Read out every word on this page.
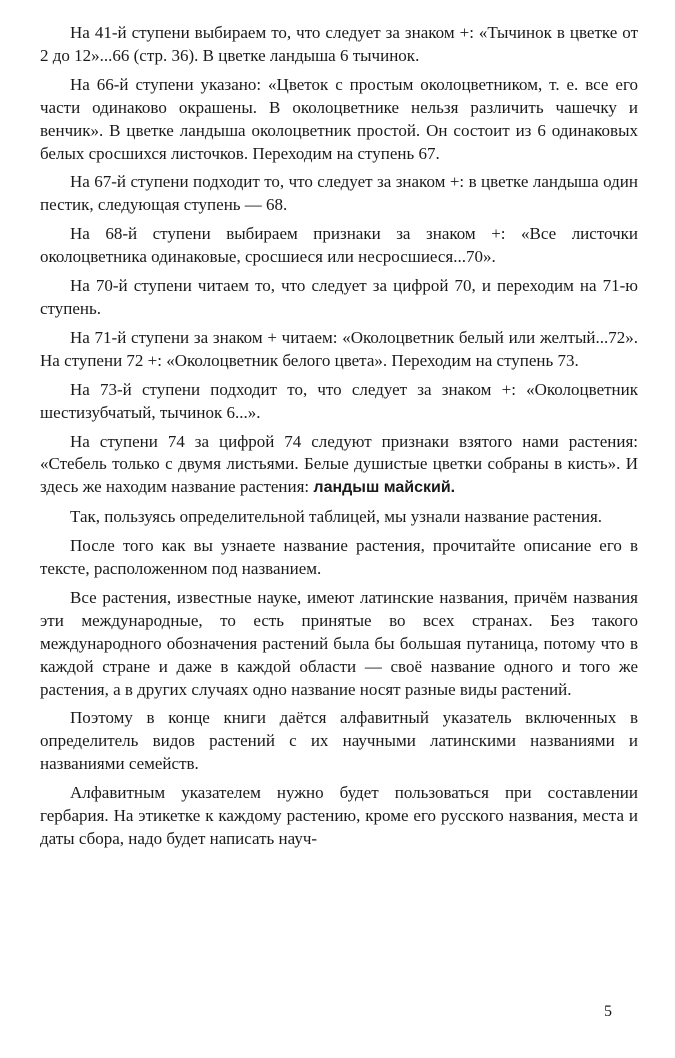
На 41-й ступени выбираем то, что следует за знаком +: «Тычинок в цветке от 2 до 12»...66 (стр. 36). В цветке ландыша 6 тычинок.

На 66-й ступени указано: «Цветок с простым околоцветником, т. е. все его части одинаково окрашены. В околоцветнике нельзя различить чашечку и венчик». В цветке ландыша околоцветник простой. Он состоит из 6 одинаковых белых сросшихся листочков. Переходим на ступень 67.

На 67-й ступени подходит то, что следует за знаком +: в цветке ландыша один пестик, следующая ступень — 68.

На 68-й ступени выбираем признаки за знаком +: «Все листочки околоцветника одинаковые, сросшиеся или несросшиеся...70».

На 70-й ступени читаем то, что следует за цифрой 70, и переходим на 71-ю ступень.

На 71-й ступени за знаком + читаем: «Околоцветник белый или желтый...72». На ступени 72 +: «Околоцветник белого цвета». Переходим на ступень 73.

На 73-й ступени подходит то, что следует за знаком +: «Околоцветник шестизубчатый, тычинок 6...».

На ступени 74 за цифрой 74 следуют признаки взятого нами растения: «Стебель только с двумя листьями. Белые душистые цветки собраны в кисть». И здесь же находим название растения: ландыш майский.

Так, пользуясь определительной таблицей, мы узнали название растения.

После того как вы узнаете название растения, прочитайте описание его в тексте, расположенном под названием.

Все растения, известные науке, имеют латинские названия, причём названия эти международные, то есть принятые во всех странах. Без такого международного обозначения растений была бы большая путаница, потому что в каждой стране и даже в каждой области — своё название одного и того же растения, а в других случаях одно название носят разные виды растений.

Поэтому в конце книги даётся алфавитный указатель включенных в определитель видов растений с их научными латинскими названиями и названиями семейств.

Алфавитным указателем нужно будет пользоваться при составлении гербария. На этикетке к каждому растению, кроме его русского названия, места и даты сбора, надо будет написать науч-

5
